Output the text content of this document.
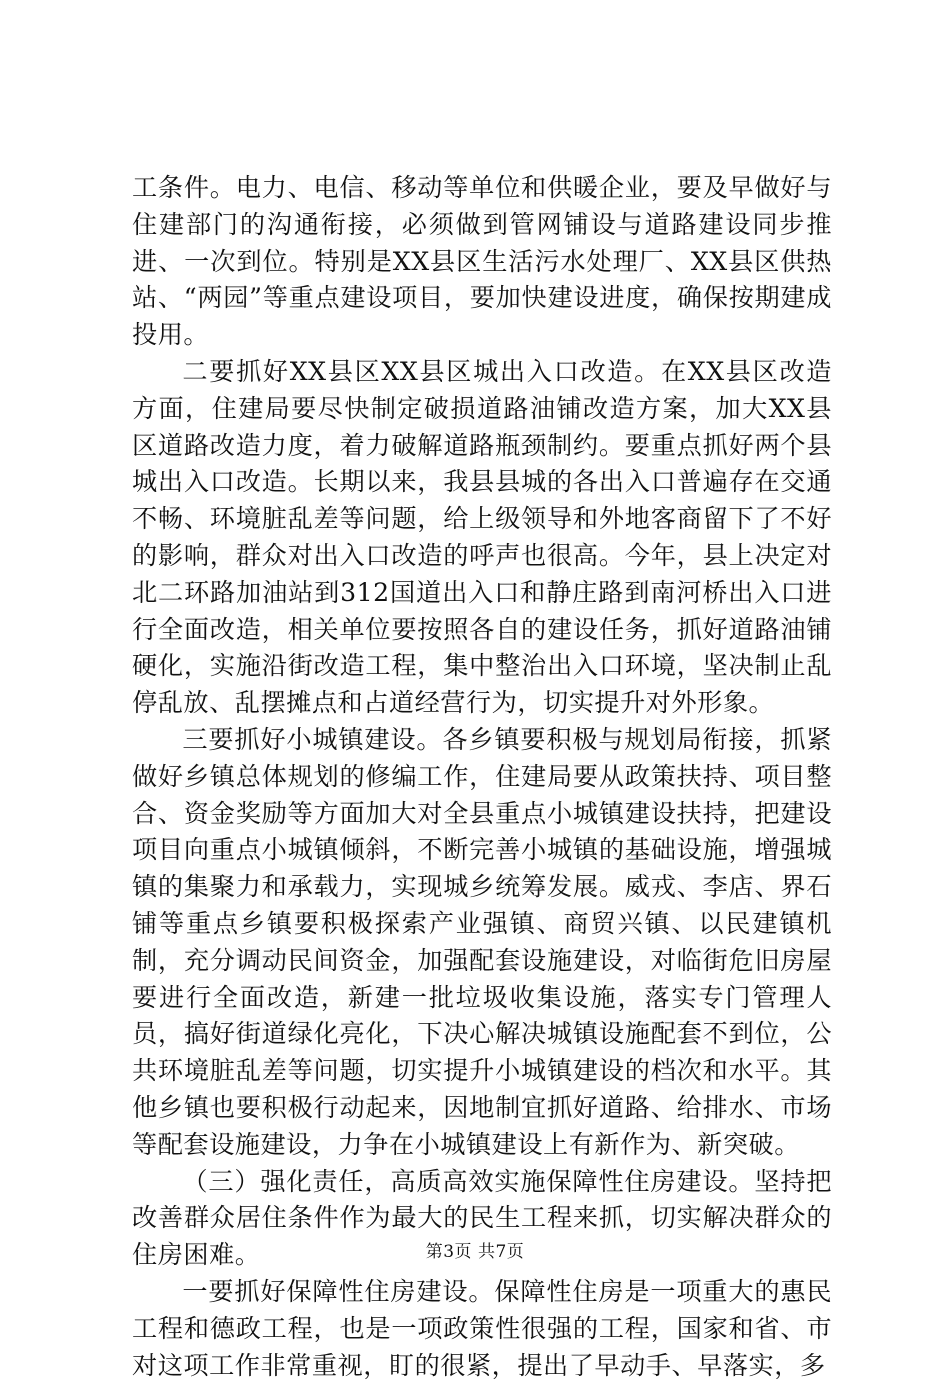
工条件。电力、电信、移动等单位和供暖企业，要及早做好与住建部门的沟通衔接，必须做到管网铺设与道路建设同步推进、一次到位。特别是XX县区生活污水处理厂、XX县区供热站、“两园”等重点建设项目，要加快建设进度，确保按期建成投用。

二要抓好XX县区XX县区城出入口改造。在XX县区改造方面，住建局要尽快制定破损道路油铺改造方案，加大XX县区道路改造力度，着力破解道路瓶颈制约。要重点抓好两个县城出入口改造。长期以来，我县县城的各出入口普遍存在交通不畅、环境脏乱差等问题，给上级领导和外地客商留下了不好的影响，群众对出入口改造的呼声也很高。今年，县上决定对北二环路加油站到312国道出入口和静庄路到南河桥出入口进行全面改造，相关单位要按照各自的建设任务，抓好道路油铺硬化，实施沿街改造工程，集中整治出入口环境，坚决制止乱停乱放、乱摆摊点和占道经营行为，切实提升对外形象。

三要抓好小城镇建设。各乡镇要积极与规划局衔接，抓紧做好乡镇总体规划的修编工作，住建局要从政策扶持、项目整合、资金奖励等方面加大对全县重点小城镇建设扶持，把建设项目向重点小城镇倾斜，不断完善小城镇的基础设施，增强城镇的集聚力和承载力，实现城乡统筹发展。威戎、李店、界石铺等重点乡镇要积极探索产业强镇、商贸兴镇、以民建镇机制，充分调动民间资金，加强配套设施建设，对临街危旧房屋要进行全面改造，新建一批垃圾收集设施，落实专门管理人员，搞好街道绿化亮化，下决心解决城镇设施配套不到位，公共环境脏乱差等问题，切实提升小城镇建设的档次和水平。其他乡镇也要积极行动起来，因地制宜抓好道路、给排水、市场等配套设施建设，力争在小城镇建设上有新作为、新突破。

（三）强化责任，高质高效实施保障性住房建设。坚持把改善群众居住条件作为最大的民生工程来抓，切实解决群众的住房困难。

一要抓好保障性住房建设。保障性住房是一项重大的惠民工程和德政工程，也是一项政策性很强的工程，国家和省、市对这项工作非常重视，盯的很紧，提出了早动手、早落实，多

第3页 共7页
